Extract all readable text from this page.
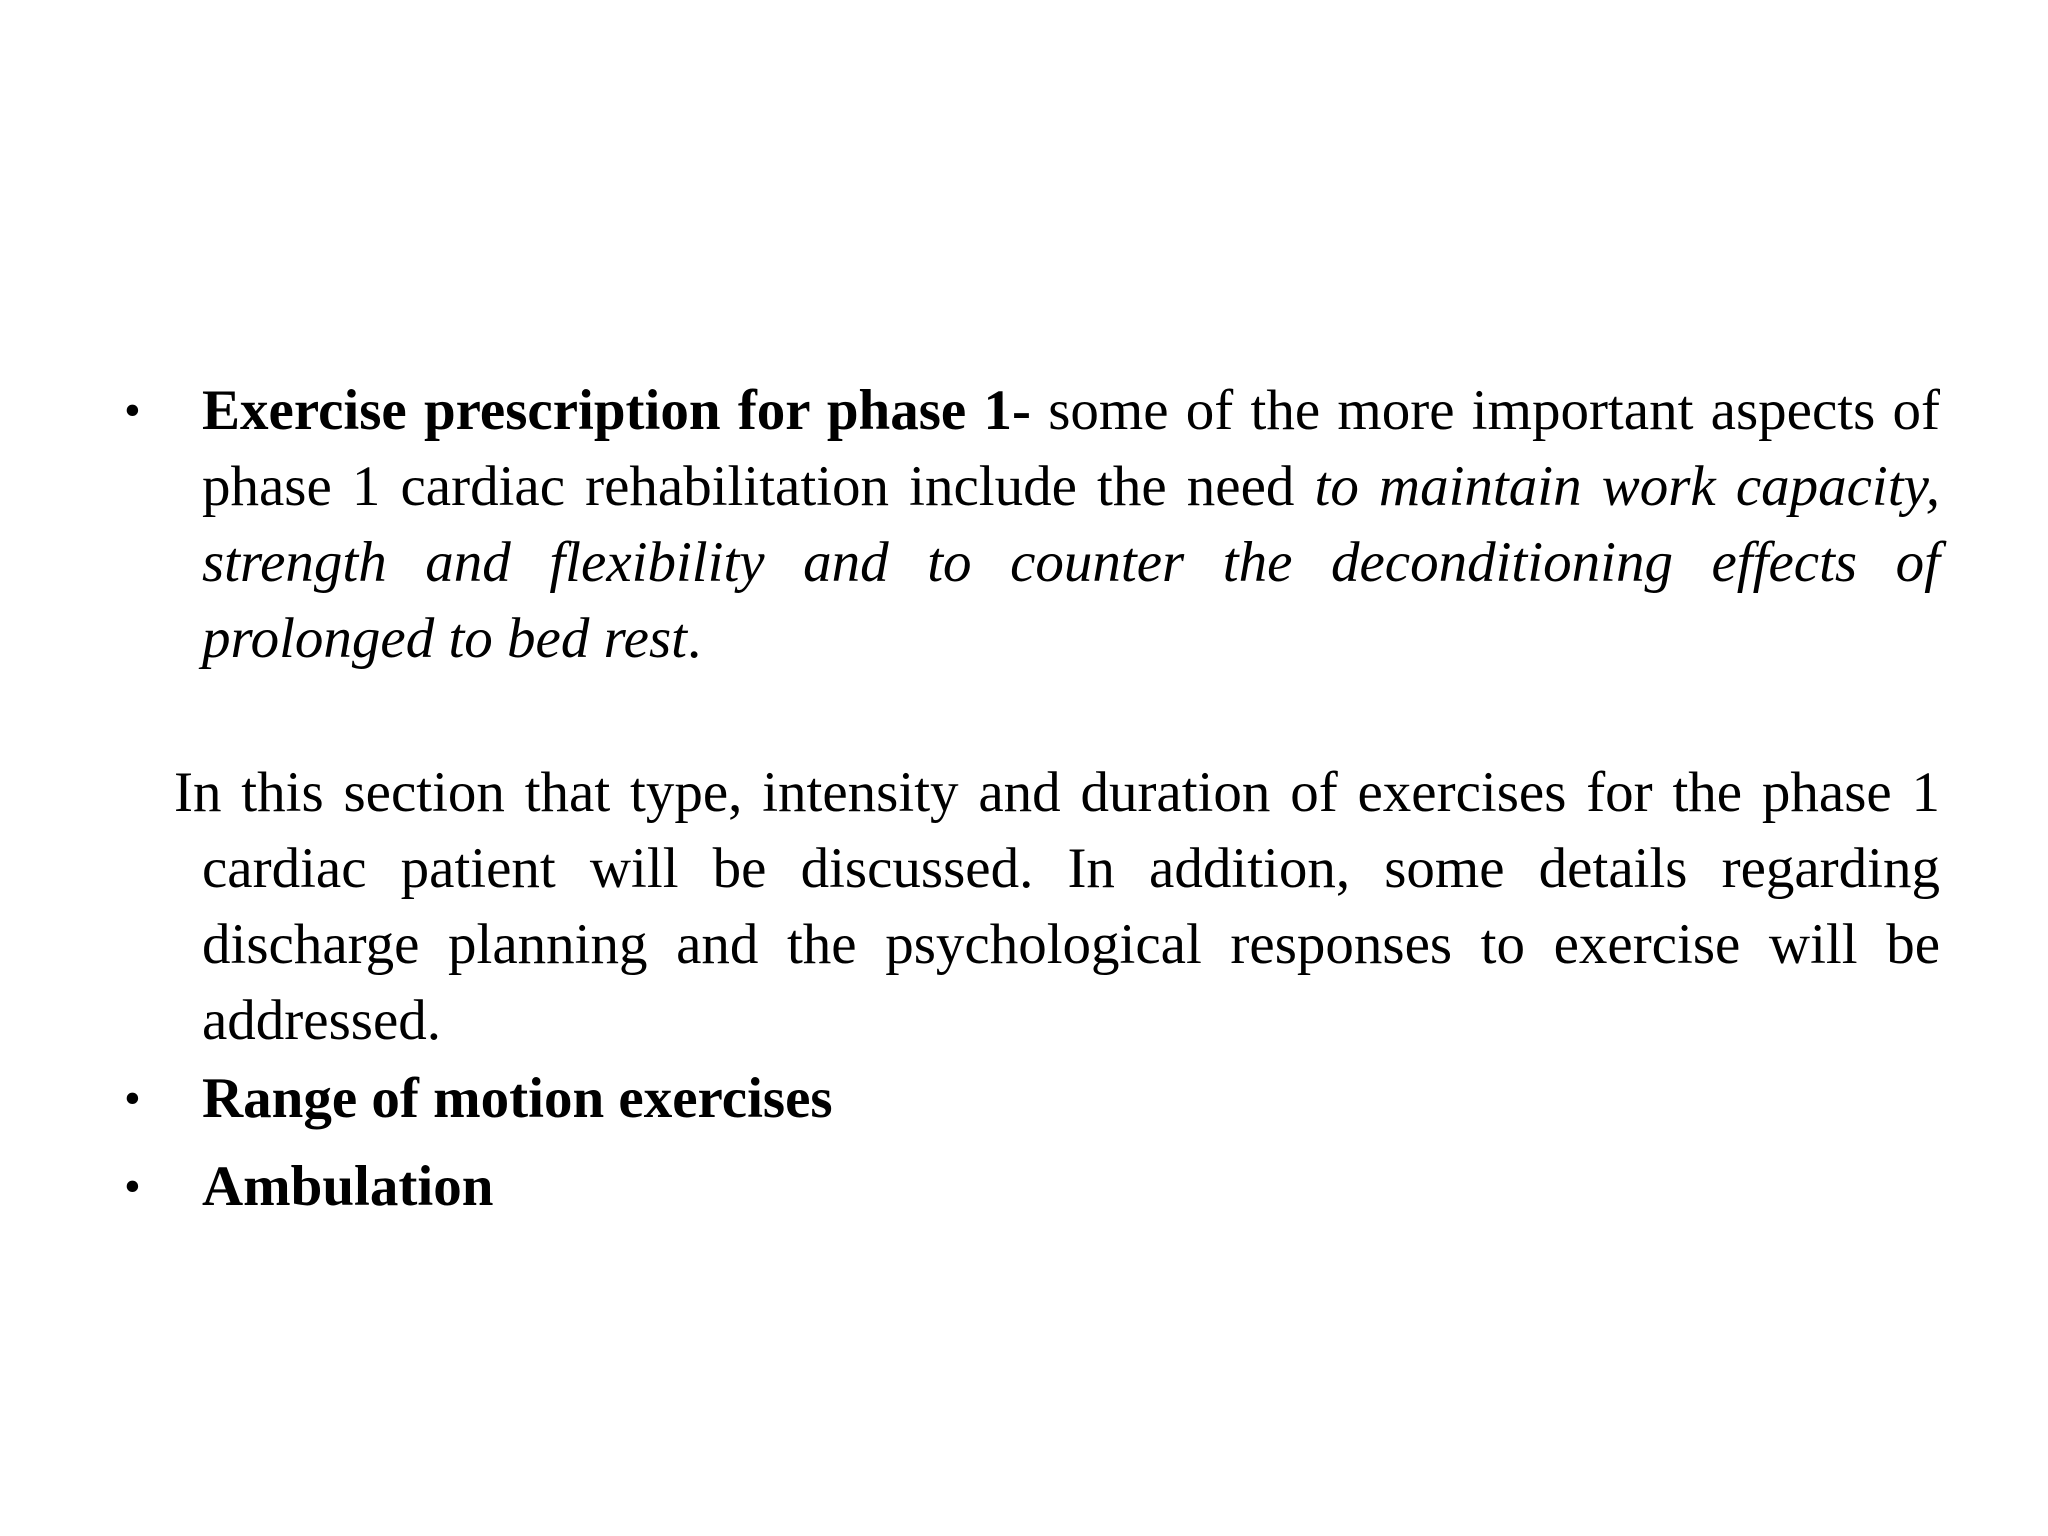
•	Exercise prescription for phase 1- some of the more important aspects of phase 1 cardiac rehabilitation include the need to maintain work capacity, strength and flexibility and to counter the deconditioning effects of prolonged to bed rest.
In this section that type, intensity and duration of exercises for the phase 1 cardiac patient will be discussed. In addition, some details regarding discharge planning and the psychological responses to exercise will be addressed.
•	Range of motion exercises
•	Ambulation
